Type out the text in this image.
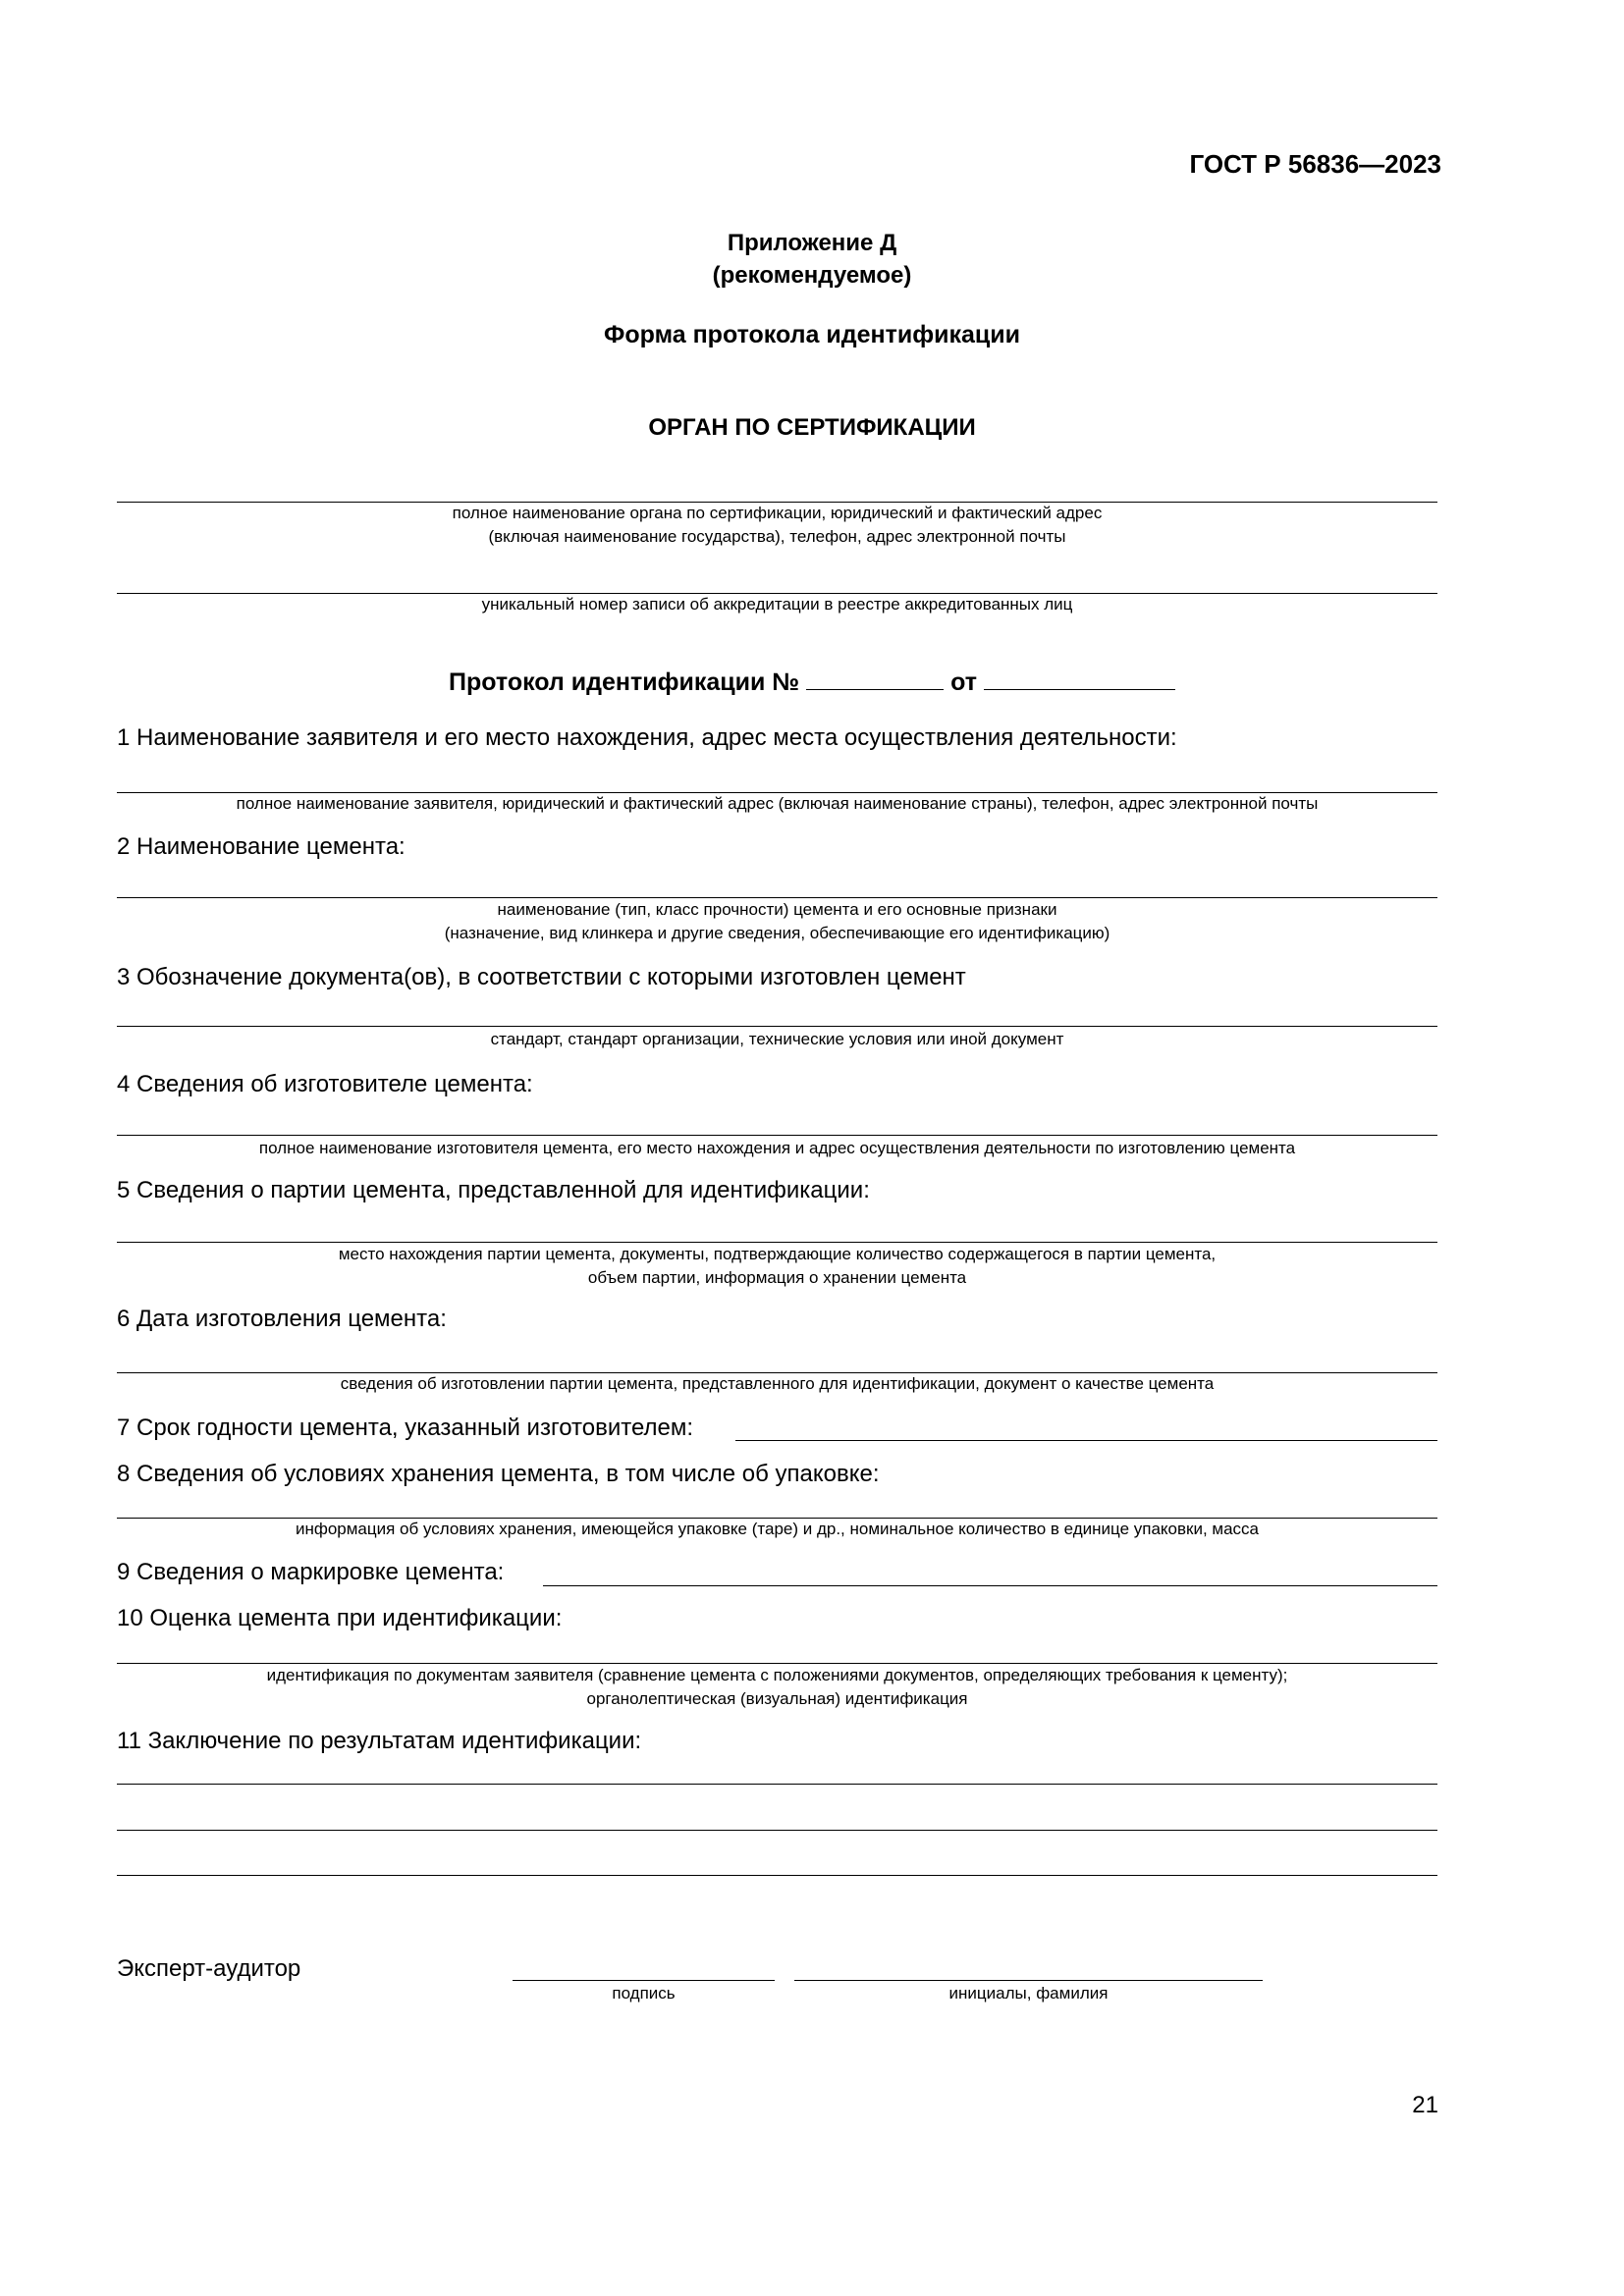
ГОСТ Р 56836—2023
Приложение Д
(рекомендуемое)
Форма протокола идентификации
ОРГАН ПО СЕРТИФИКАЦИИ
полное наименование органа по сертификации, юридический и фактический адрес
(включая наименование государства), телефон, адрес электронной почты
уникальный номер записи об аккредитации в реестре аккредитованных лиц
Протокол идентификации №	от
1 Наименование заявителя и его место нахождения, адрес места осуществления деятельности:
полное наименование заявителя, юридический и фактический адрес (включая наименование страны), телефон, адрес электронной почты
2 Наименование цемента:
наименование (тип, класс прочности) цемента и его основные признаки
(назначение, вид клинкера и другие сведения, обеспечивающие его идентификацию)
3 Обозначение документа(ов), в соответствии с которыми изготовлен цемент
стандарт, стандарт организации, технические условия или иной документ
4 Сведения об изготовителе цемента:
полное наименование изготовителя цемента, его место нахождения и адрес осуществления деятельности по изготовлению цемента
5 Сведения о партии цемента, представленной для идентификации:
место нахождения партии цемента, документы, подтверждающие количество содержащегося в партии цемента,
объем партии, информация о хранении цемента
6 Дата изготовления цемента:
сведения об изготовлении партии цемента, представленного для идентификации, документ о качестве цемента
7 Срок годности цемента, указанный изготовителем:
8 Сведения об условиях хранения цемента, в том числе об упаковке:
информация об условиях хранения, имеющейся упаковке (таре) и др., номинальное количество в единице упаковки, масса
9 Сведения о маркировке цемента:
10 Оценка цемента при идентификации:
идентификация по документам заявителя (сравнение цемента с положениями документов, определяющих требования к цементу);
органолептическая (визуальная) идентификация
11 Заключение по результатам идентификации:
Эксперт-аудитор
подпись	инициалы, фамилия
21
